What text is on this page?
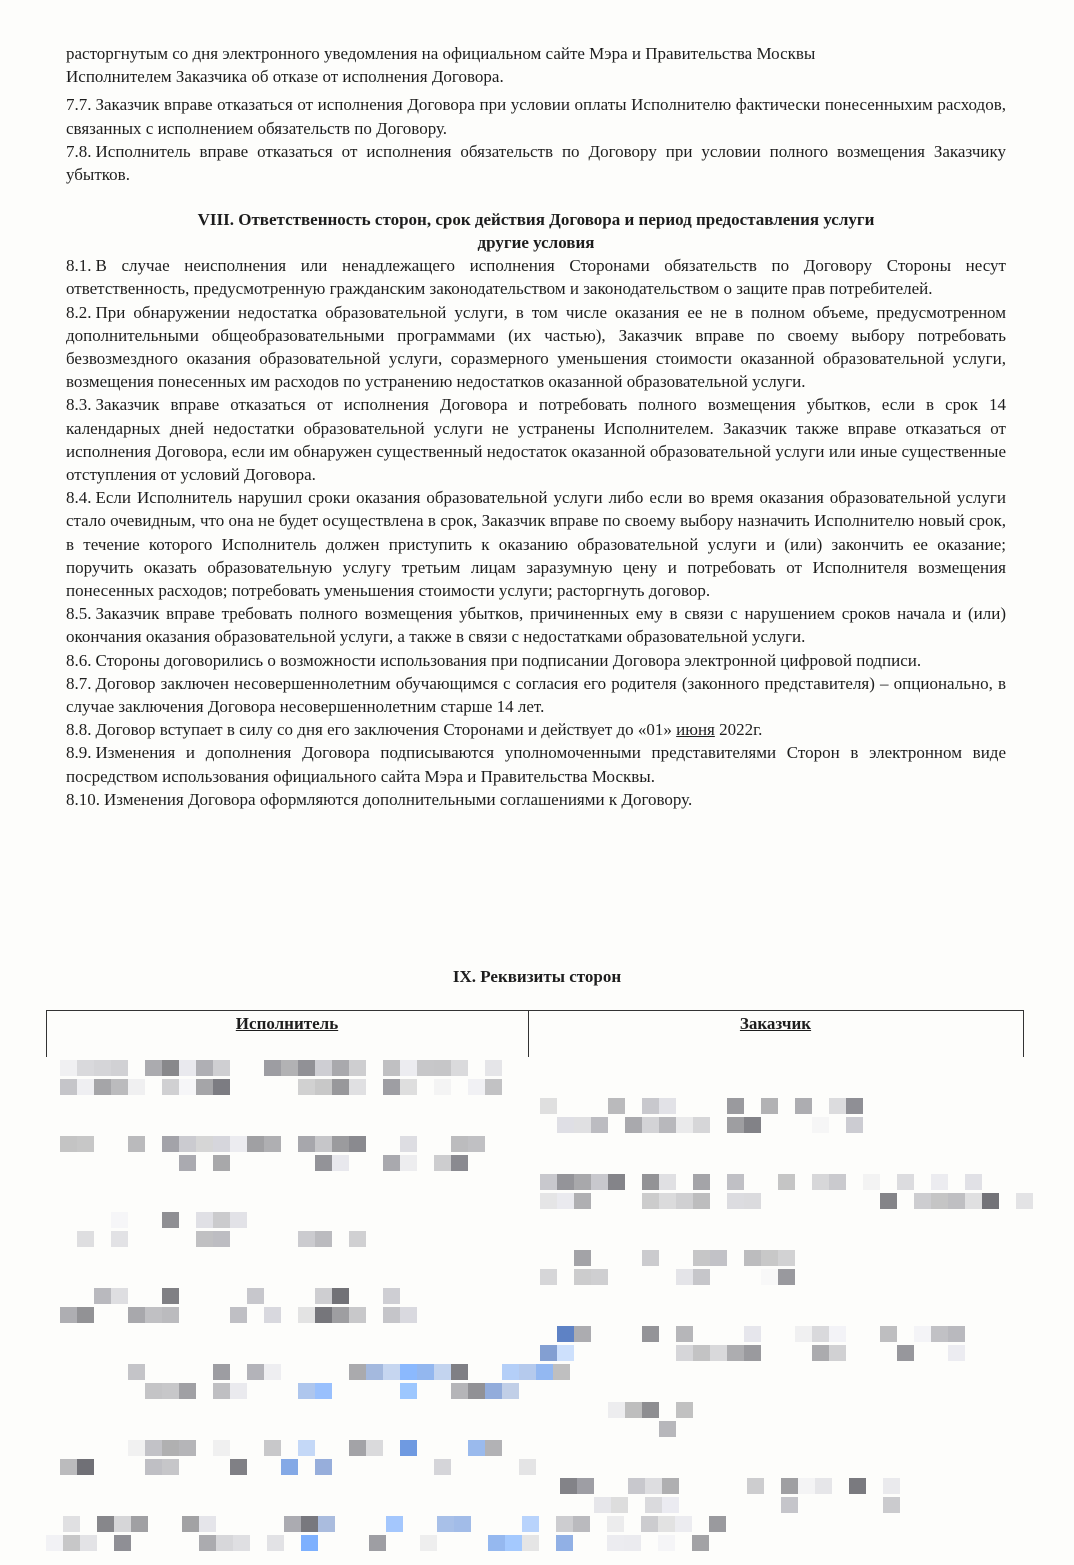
расторгнутым со дня электронного уведомления на официальном сайте Мэра и Правительства Москвы
Исполнителем Заказчика об отказе от исполнения Договора.

7.7. Заказчик вправе отказаться от исполнения Договора при условии оплаты Исполнителю фактически понесенныхим расходов, связанных с исполнением обязательств по Договору.

7.8. Исполнитель вправе отказаться от исполнения обязательств по Договору при условии полного возмещения Заказчику убытков.

VIII. Ответственность сторон, срок действия Договора и период предоставления услуги
другие условия

8.1. В случае неисполнения или ненадлежащего исполнения Сторонами обязательств по Договору Стороны несут ответственность, предусмотренную гражданским законодательством и законодательством о защите прав потребителей.

8.2. При обнаружении недостатка образовательной услуги, в том числе оказания ее не в полном объеме, предусмотренном дополнительными общеобразовательными программами (их частью), Заказчик вправе по своему выбору потребовать безвозмездного оказания образовательной услуги, соразмерного уменьшения стоимости оказанной образовательной услуги, возмещения понесенных им расходов по устранению недостатков оказанной образовательной услуги.

8.3. Заказчик вправе отказаться от исполнения Договора и потребовать полного возмещения убытков, если в срок 14 календарных дней недостатки образовательной услуги не устранены Исполнителем. Заказчик также вправе отказаться от исполнения Договора, если им обнаружен существенный недостаток оказанной образовательной услуги или иные существенные отступления от условий Договора.

8.4. Если Исполнитель нарушил сроки оказания образовательной услуги либо если во время оказания образовательной услуги стало очевидным, что она не будет осуществлена в срок, Заказчик вправе по своему выбору назначить Исполнителю новый срок, в течение которого Исполнитель должен приступить к оказанию образовательной услуги и (или) закончить ее оказание; поручить оказать образовательную услугу третьим лицам заразумную цену и потребовать от Исполнителя возмещения понесенных расходов; потребовать уменьшения стоимости услуги; расторгнуть договор.

8.5. Заказчик вправе требовать полного возмещения убытков, причиненных ему в связи с нарушением сроков начала и (или) окончания оказания образовательной услуги, а также в связи с недостатками образовательной услуги.

8.6. Стороны договорились о возможности использования при подписании Договора электронной цифровой подписи.

8.7. Договор заключен несовершеннолетним обучающимся с согласия его родителя (законного представителя) – опционально, в случае заключения Договора несовершеннолетним старше 14 лет.

8.8. Договор вступает в силу со дня его заключения Сторонами и действует до «01» июня 2022г.

8.9. Изменения и дополнения Договора подписываются уполномоченными представителями Сторон в электронном виде посредством использования официального сайта Мэра и Правительства Москвы.

8.10. Изменения Договора оформляются дополнительными соглашениями к Договору.

IX. Реквизиты сторон
Исполнитель	Заказчик
